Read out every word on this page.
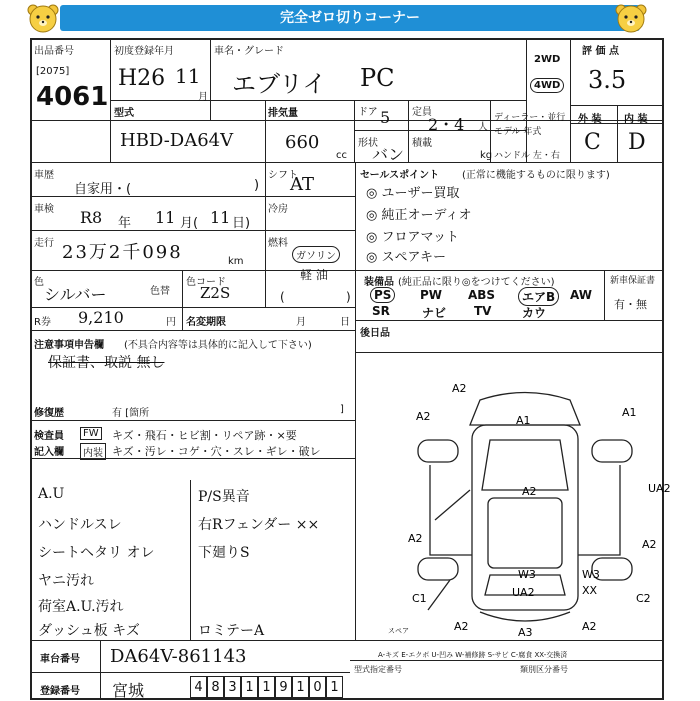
完全ゼロ切りコーナー
出品番号
[2075]
4061
初度登録年月
H26 11
月
車名・グレード
エブリイ PC
2WD
4WD
評 価 点
3.5
型式
HBD-DA64V
排気量
660
cc
ドア 5 定員
2・4 人
形状
バン
積載
kg
ディーラー・並行
モデル 年式
ハンドル 左・右
外 装 内 装
C D
車歴
自家用・(	)
シフト
AT
車検 R8 年 11 月( 11 日)
冷房
走行 23万2千098	km
燃料
ガソリン
軽 油
色
シルバー	色替
色コード
Z2S	(	)
R券 9,210	円 名変期限	月	日
注意事項申告欄 (不具合内容等は具体的に記入して下さい)
保証書、取説 無し
修復歴	有 [箇所	]
検査員
記入欄
FW
内装
キズ・飛石・ヒビ割・リペア跡・×要
キズ・汚レ・コゲ・穴・スレ・ギレ・破レ
A.U
ハンドルスレ
シートヘタリ オレ
ヤニ汚れ
荷室A.U.汚れ
ダッシュ板 キズ
P/S異音
右Rフェンダー ××
下廻りS
ロミテーA
セールスポイント (正常に機能するものに限ります)
◎ ユーザー買取
◎ 純正オーディオ
◎ フロアマット
◎ スペアキー
装備品 (純正品に限り◎をつけてください)	新車保証書
有・無
PS	PW ABS	エアB	AW
SR	ナビ TV	カウ
後日品
A2
A2	A1
A1
A2	UA2
A2	A2
W3	W3
UA2	XX
C1	C2
A2	A3	A2
スペア
A-キズ E-エクボ U-凹み W-補修跡 S-サビ C-腐食 XX-交換済
車台番号 DA64V-861143
登録番号 宮城	4 8 3 1 1 9 1 0 1
型式指定番号	類別区分番号
